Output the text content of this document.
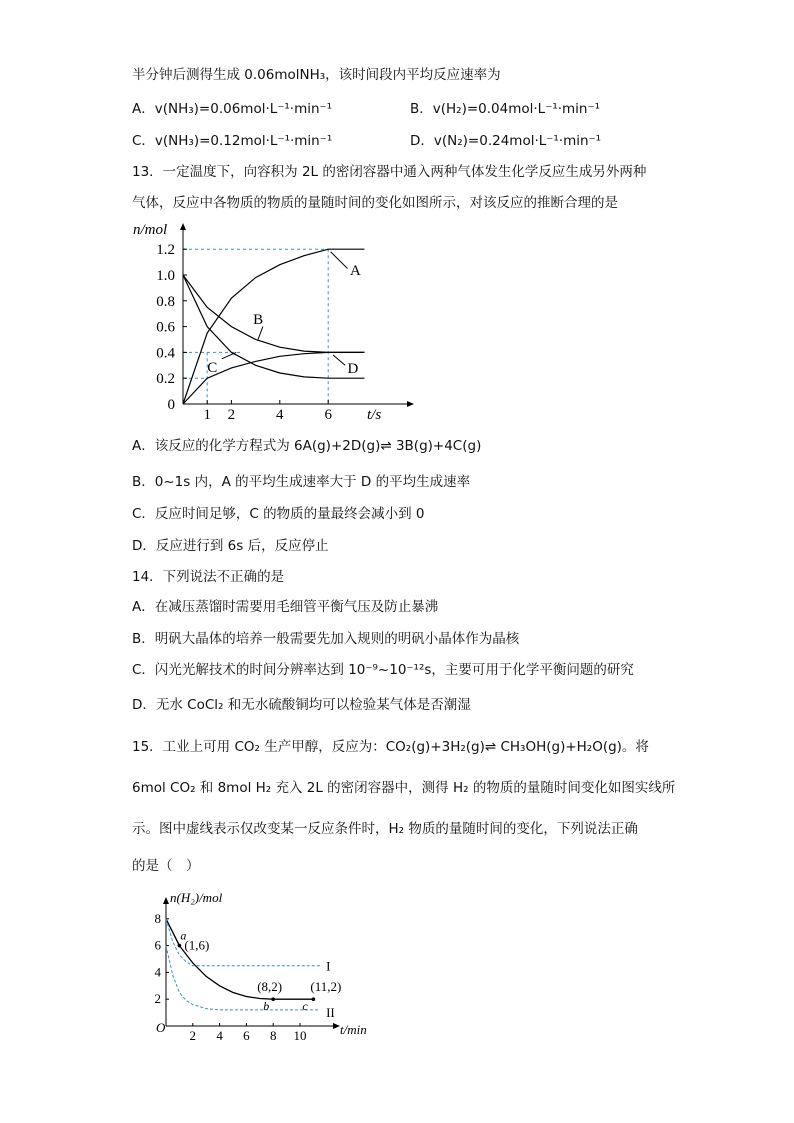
半分钟后测得生成 0.06molNH₃，该时间段内平均反应速率为
A．v(NH₃)=0.06mol·L⁻¹·min⁻¹	B．v(H₂)=0.04mol·L⁻¹·min⁻¹
C．v(NH₃)=0.12mol·L⁻¹·min⁻¹	D．v(N₂)=0.24mol·L⁻¹·min⁻¹
13．一定温度下，向容积为 2L 的密闭容器中通入两种气体发生化学反应生成另外两种
气体，反应中各物质的物质的量随时间的变化如图所示，对该反应的推断合理的是
0
0.2
0.4
0.6
0.8
1.0
1.2
1 2	4	6
n/mol
t/s
A
B
C	D
A．该反应的化学方程式为 6A(g)+2D(g)⇌ 3B(g)+4C(g)
B．0~1s 内，A 的平均生成速率大于 D 的平均生成速率
C．反应时间足够，C 的物质的量最终会减小到 0
D．反应进行到 6s 后，反应停止
14．下列说法不正确的是
A．在减压蒸馏时需要用毛细管平衡气压及防止暴沸
B．明矾大晶体的培养一般需要先加入规则的明矾小晶体作为晶核
C．闪光光解技术的时间分辨率达到 10⁻⁹~10⁻¹²s，主要可用于化学平衡问题的研究
D．无水 CoCl₂ 和无水硫酸铜均可以检验某气体是否潮湿
15．工业上可用 CO₂ 生产甲醇，反应为：CO₂(g)+3H₂(g)⇌ CH₃OH(g)+H₂O(g)。将
6mol CO₂ 和 8mol H₂ 充入 2L 的密闭容器中，测得 H₂ 的物质的量随时间变化如图实线所
示。图中虚线表示仅改变某一反应条件时，H₂ 物质的量随时间的变化，下列说法正确
的是（　）
O
2
4
6
8
2 4 6 8 10
n(H₂)/mol
t/min
I
II
a
(1,6)
b
(8,2)
c
(11,2)
